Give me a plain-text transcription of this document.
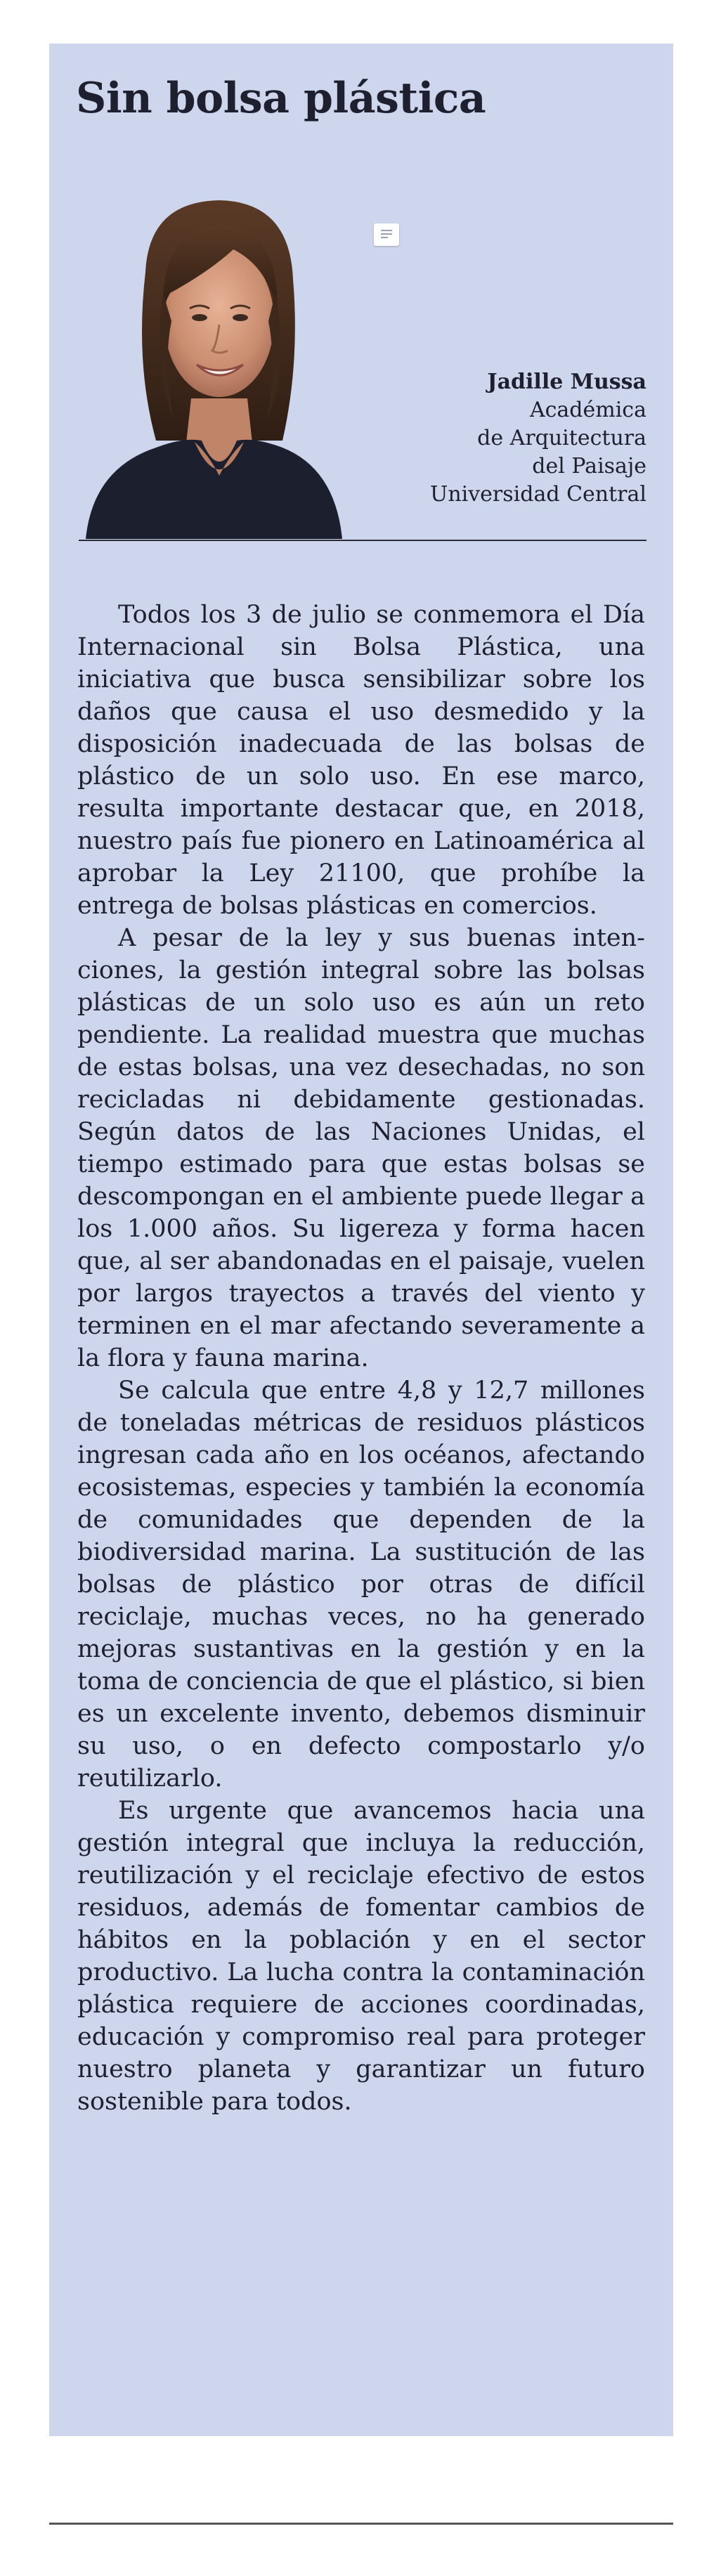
Sin bolsa plástica
Jadille Mussa
Académica
de Arquitectura
del Paisaje
Universidad Central

Todos los 3 de julio se conmemora el Día Internacional sin Bolsa Plástica, una iniciativa que busca sensibilizar sobre los daños que causa el uso desmedido y la disposición inadecuada de las bolsas de plástico de un solo uso. En ese marco, resulta importante destacar que, en 2018, nuestro país fue pionero en Latinoamérica al aprobar la Ley 21100, que prohíbe la entrega de bolsas plásticas en comercios.

A pesar de la ley y sus buenas intenciones, la gestión integral sobre las bolsas plásticas de un solo uso es aún un reto pendiente. La realidad muestra que muchas de estas bolsas, una vez desechadas, no son recicladas ni debidamente gestionadas. Según datos de las Naciones Unidas, el tiempo estimado para que estas bolsas se descompongan en el ambiente puede llegar a los 1.000 años. Su ligereza y forma hacen que, al ser abandonadas en el paisaje, vuelen por largos trayectos a través del viento y terminen en el mar afectando severamente a la flora y fauna marina.

Se calcula que entre 4,8 y 12,7 millones de toneladas métricas de residuos plásticos ingresan cada año en los océanos, afectando ecosistemas, especies y también la economía de comunidades que dependen de la biodiversidad marina. La sustitución de las bolsas de plástico por otras de difícil reciclaje, muchas veces, no ha generado mejoras sustantivas en la gestión y en la toma de conciencia de que el plástico, si bien es un excelente invento, debemos disminuir su uso, o en defecto compostarlo y/o reutilizarlo.

Es urgente que avancemos hacia una gestión integral que incluya la reducción, reutilización y el reciclaje efectivo de estos residuos, además de fomentar cambios de hábitos en la población y en el sector productivo. La lucha contra la contaminación plástica requiere de acciones coordinadas, educación y compromiso real para proteger nuestro planeta y garantizar un futuro sostenible para todos.
